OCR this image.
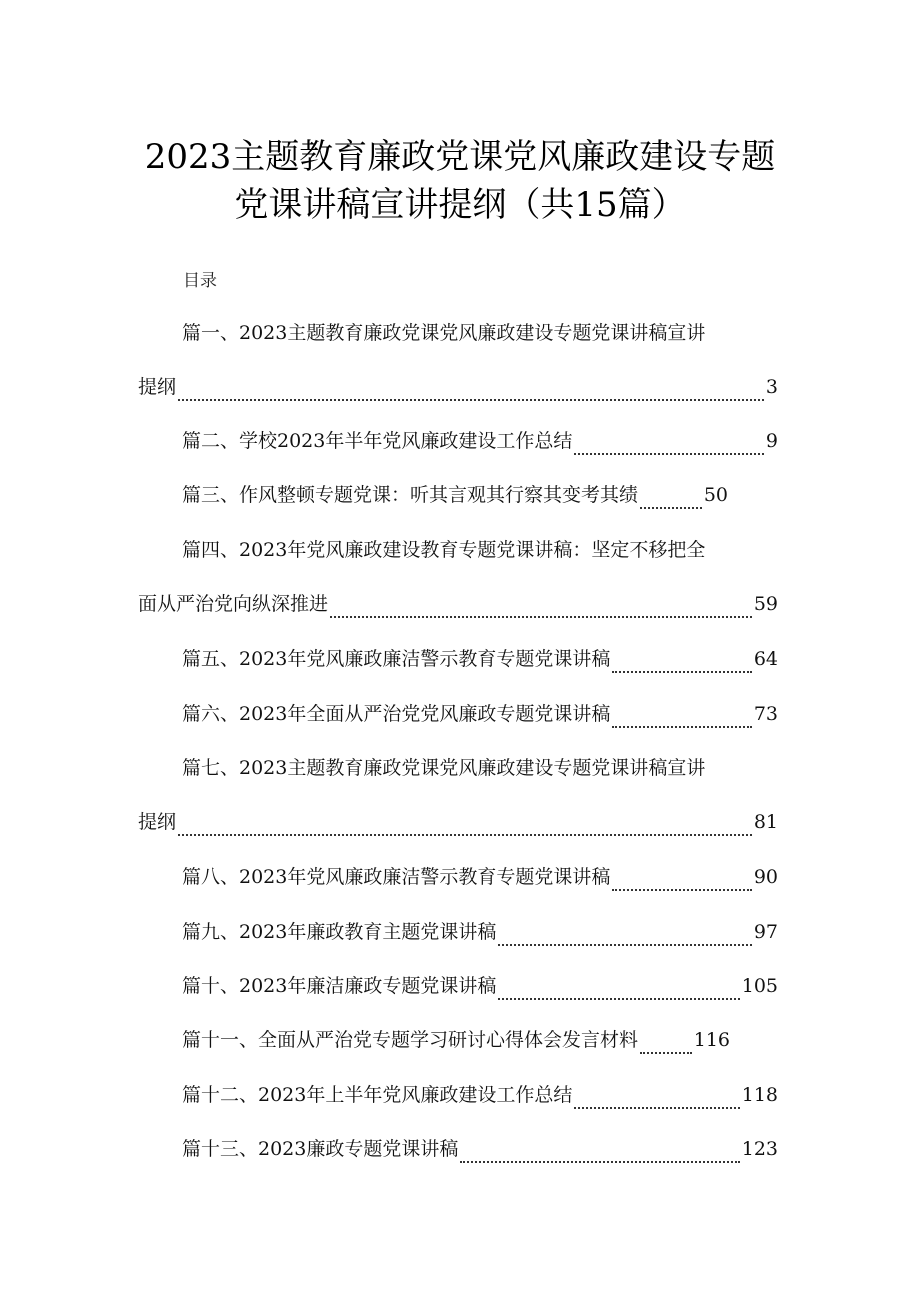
2023主题教育廉政党课党风廉政建设专题
党课讲稿宣讲提纲（共15篇）
目录
篇一、2023主题教育廉政党课党风廉政建设专题党课讲稿宣讲
提纲	3
篇二、学校2023年半年党风廉政建设工作总结	9
篇三、作风整顿专题党课：听其言观其行察其变考其绩	50
篇四、2023年党风廉政建设教育专题党课讲稿：坚定不移把全
面从严治党向纵深推进	59
篇五、2023年党风廉政廉洁警示教育专题党课讲稿	64
篇六、2023年全面从严治党党风廉政专题党课讲稿	73
篇七、2023主题教育廉政党课党风廉政建设专题党课讲稿宣讲
提纲	81
篇八、2023年党风廉政廉洁警示教育专题党课讲稿	90
篇九、2023年廉政教育主题党课讲稿	97
篇十、2023年廉洁廉政专题党课讲稿	105
篇十一、全面从严治党专题学习研讨心得体会发言材料	116
篇十二、2023年上半年党风廉政建设工作总结	118
篇十三、2023廉政专题党课讲稿	123
